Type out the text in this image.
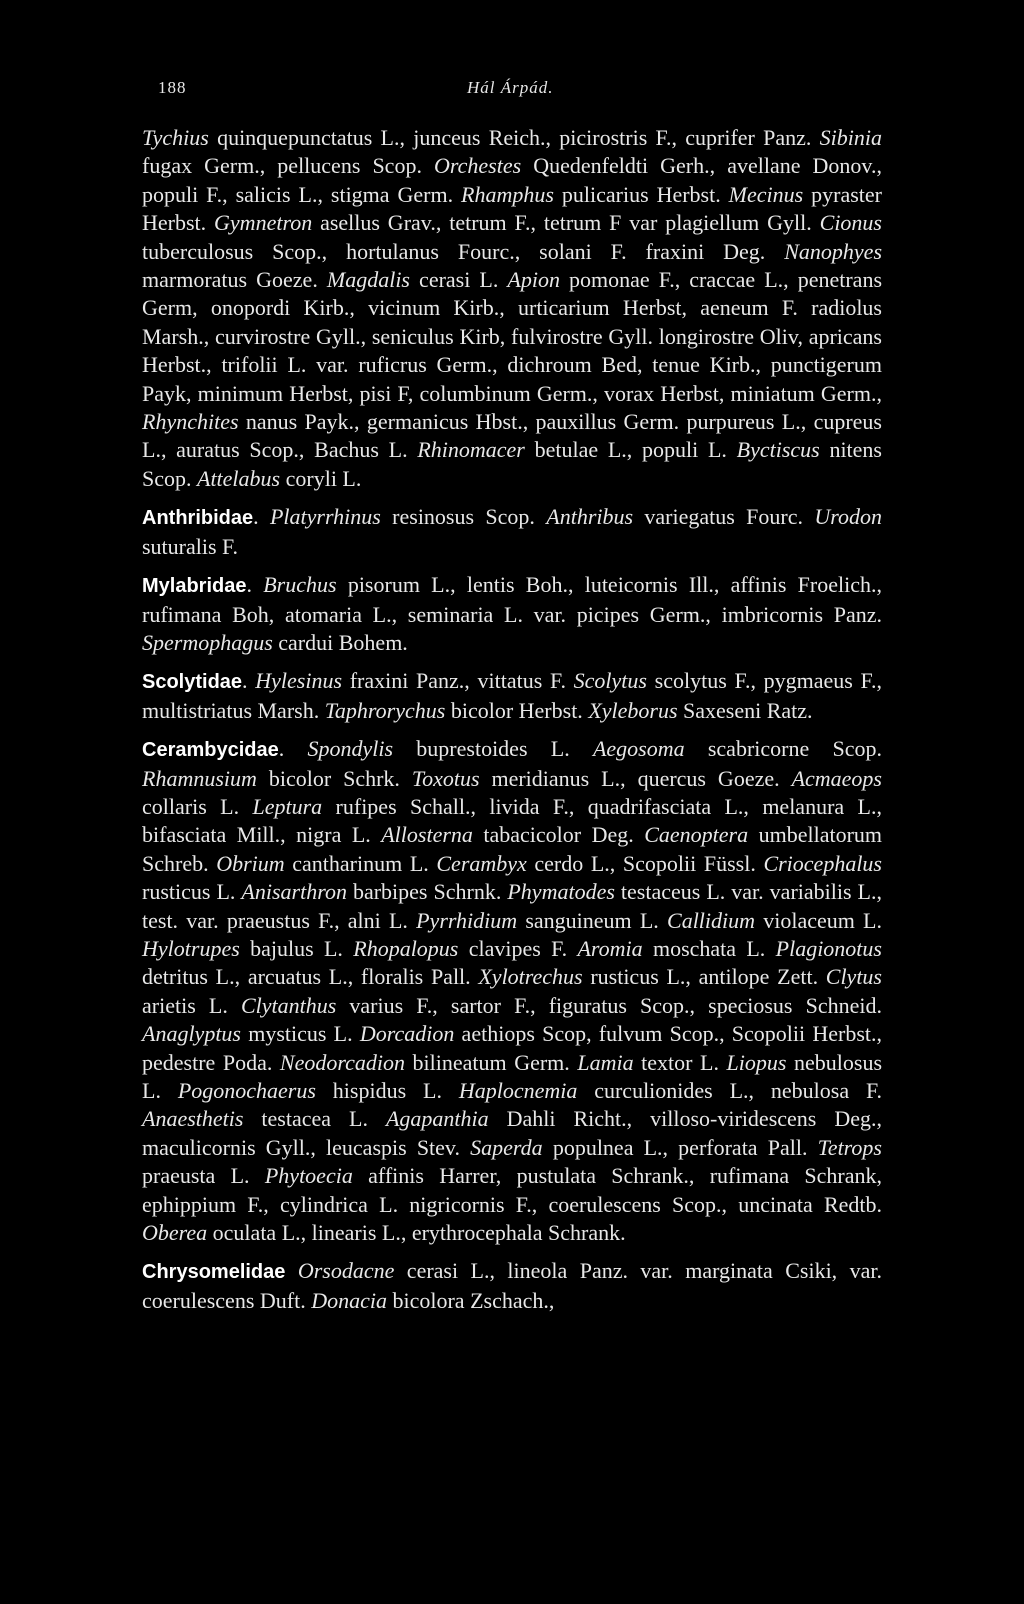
188	Hál Árpád.

Tychius quinquepunctatus L., junceus Reich., picirostris F., cuprifer Panz. Sibinia fugax Germ., pellucens Scop. Orchestes Quedenfeldti Gerh., avellane Donov., populi F., salicis L., stigma Germ. Rhamphus pulicarius Herbst. Mecinus pyraster Herbst. Gymnetron asellus Grav., tetrum F., tetrum F var plagiellum Gyll. Cionus tuberculosus Scop., hortulanus Fourc., solani F. fraxini Deg. Nanophyes marmoratus Goeze. Magdalis cerasi L. Apion pomonae F., craccae L., penetrans Germ, onopordi Kirb., vicinum Kirb., urticarium Herbst, aeneum F. radiolus Marsh., curvirostre Gyll., seniculus Kirb, fulvirostre Gyll. longirostre Oliv, apricans Herbst., trifolii L. var. ruficrus Germ., dichroum Bed, tenue Kirb., punctigerum Payk, minimum Herbst, pisi F, columbinum Germ., vorax Herbst, miniatum Germ., Rhynchites nanus Payk., germanicus Hbst., pauxillus Germ. purpureus L., cupreus L., auratus Scop., Bachus L. Rhinomacer betulae L., populi L. Byctiscus nitens Scop. Attelabus coryli L.

Anthribidae. Platyrrhinus resinosus Scop. Anthribus variegatus Fourc. Urodon suturalis F.

Mylabridae. Bruchus pisorum L., lentis Boh., luteicornis Ill., affinis Froelich., rufimana Boh, atomaria L., seminaria L. var. picipes Germ., imbricornis Panz. Spermophagus cardui Bohem.

Scolytidae. Hylesinus fraxini Panz., vittatus F. Scolytus scolytus F., pygmaeus F., multistriatus Marsh. Taphrorychus bicolor Herbst. Xyleborus Saxeseni Ratz.

Cerambycidae. Spondylis buprestoides L. Aegosoma scabricorne Scop. Rhamnusium bicolor Schrk. Toxotus meridianus L., quercus Goeze. Acmaeops collaris L. Leptura rufipes Schall., livida F., quadrifasciata L., melanura L., bifasciata Mill., nigra L. Allosterna tabacicolor Deg. Caenoptera umbellatorum Schreb. Obrium cantharinum L. Cerambyx cerdo L., Scopolii Füssl. Criocephalus rusticus L. Anisarthron barbipes Schrnk. Phymatodes testaceus L. var. variabilis L., test. var. praeustus F., alni L. Pyrrhidium sanguineum L. Callidium violaceum L. Hylotrupes bajulus L. Rhopalopus clavipes F. Aromia moschata L. Plagionotus detritus L., arcuatus L., floralis Pall. Xylotrechus rusticus L., antilope Zett. Clytus arietis L. Clytanthus varius F., sartor F., figuratus Scop., speciosus Schneid. Anaglyptus mysticus L. Dorcadion aethiops Scop, fulvum Scop., Scopolii Herbst., pedestre Poda. Neodorcadion bilineatum Germ. Lamia textor L. Liopus nebulosus L. Pogonochaerus hispidus L. Haplocnemia curculionides L., nebulosa F. Anaesthetis testacea L. Agapanthia Dahli Richt., villoso-viridescens Deg., maculicornis Gyll., leucaspis Stev. Saperda populnea L., perforata Pall. Tetrops praeusta L. Phytoecia affinis Harrer, pustulata Schrank., rufimana Schrank, ephippium F., cylindrica L. nigricornis F., coerulescens Scop., uncinata Redtb. Oberea oculata L., linearis L., erythrocephala Schrank.

Chrysomelidae Orsodacne cerasi L., lineola Panz. var. marginata Csiki, var. coerulescens Duft. Donacia bicolora Zschach.,
